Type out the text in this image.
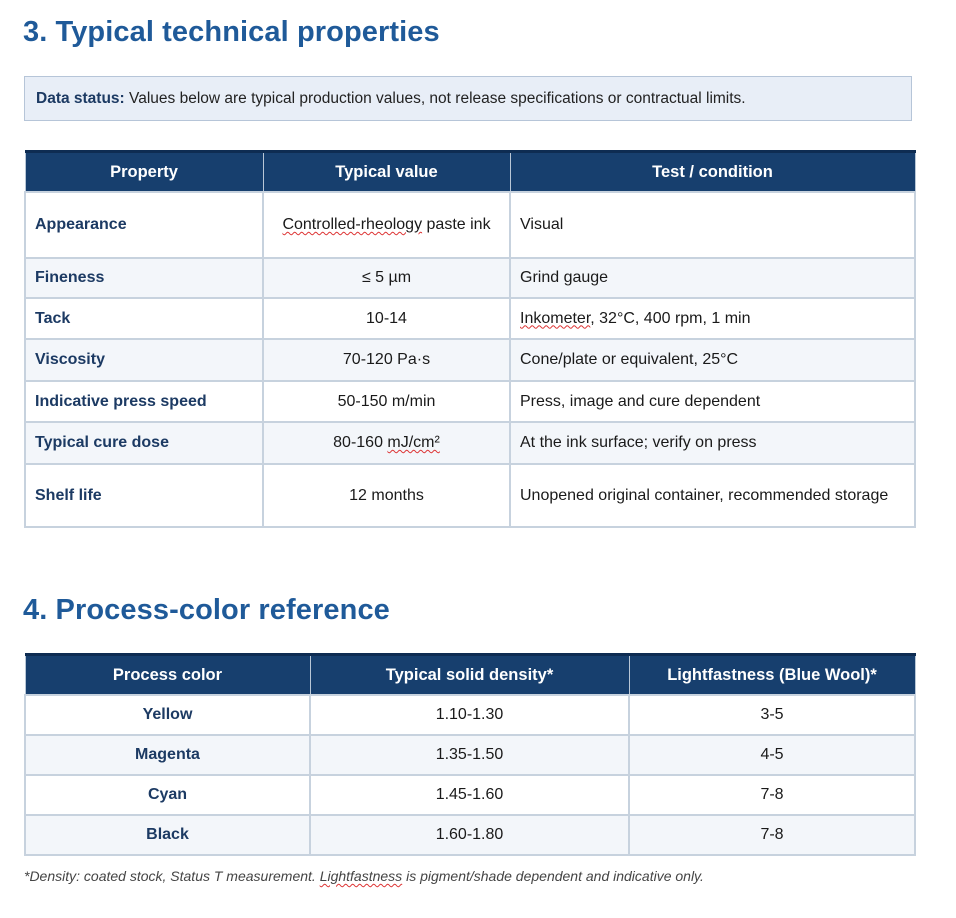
3. Typical technical properties
Data status: Values below are typical production values, not release specifications or contractual limits.
Property	Typical value	Test / condition
Appearance	Controlled-rheology paste ink	Visual
Fineness	≤ 5 µm	Grind gauge
Tack	10-14	Inkometer, 32°C, 400 rpm, 1 min
Viscosity	70-120 Pa·s	Cone/plate or equivalent, 25°C
Indicative press speed	50-150 m/min	Press, image and cure dependent
Typical cure dose	80-160 mJ/cm²	At the ink surface; verify on press
Shelf life	12 months	Unopened original container, recommended storage
4. Process-color reference
Process color	Typical solid density*	Lightfastness (Blue Wool)*
Yellow	1.10-1.30	3-5
Magenta	1.35-1.50	4-5
Cyan	1.45-1.60	7-8
Black	1.60-1.80	7-8
*Density: coated stock, Status T measurement. Lightfastness is pigment/shade dependent and indicative only.
